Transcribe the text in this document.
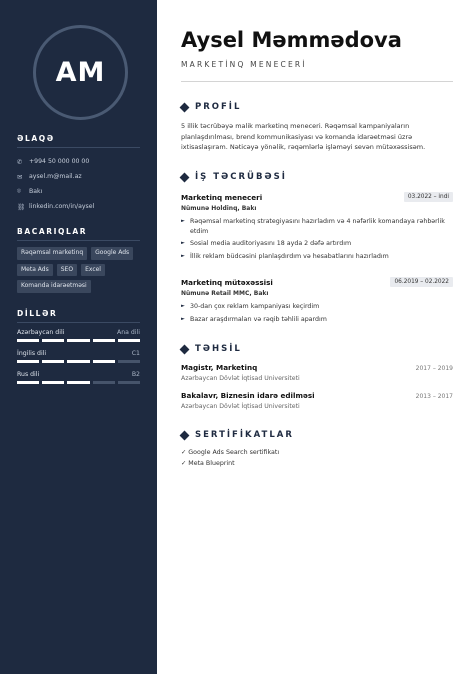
AM
ƏLAQƏ
✆	+994 50 000 00 00
✉	aysel.m@mail.az
⌾	Bakı
⛓ linkedin.com/in/aysel
BACARIQLAR
Rəqəmsal marketinq	Google Ads
Meta Ads	SEO	Excel
Komanda idarəetməsi
DİLLƏR
Azərbaycan dili	Ana dili
İngilis dili	C1
Rus dili	B2
Aysel Məmmədova
MARKETİNQ MENECERİ
PROFİL
5 illik təcrübəyə malik marketinq meneceri. Rəqəmsal kampaniyaların planlaşdırılması, brend kommunikasiyası və komanda idarəetməsi üzrə ixtisaslaşıram. Nəticəyə yönəlik, rəqəmlərlə işləməyi sevən mütəxəssisəm.
İŞ TƏCRÜBƏSİ
Marketinq meneceri	03.2022 – indi
Nümunə Holdinq, Bakı
► Rəqəmsal marketinq strategiyasını hazırladım və 4 nəfərlik komandaya rəhbərlik etdim
► Sosial media auditoriyasını 18 ayda 2 dəfə artırdım
► İllik reklam büdcəsini planlaşdırdım və hesabatlarını hazırladım
Marketinq mütəxəssisi	06.2019 – 02.2022
Nümunə Retail MMC, Bakı
► 30-dan çox reklam kampaniyası keçirdim
► Bazar araşdırmaları və rəqib təhlili apardım
TƏHSİL
Magistr, Marketinq	2017 – 2019
Azərbaycan Dövlət İqtisad Universiteti
Bakalavr, Biznesin idarə edilməsi	2013 – 2017
Azərbaycan Dövlət İqtisad Universiteti
SERTİFİKATLAR
✓ Google Ads Search sertifikatı
✓ Meta Blueprint
